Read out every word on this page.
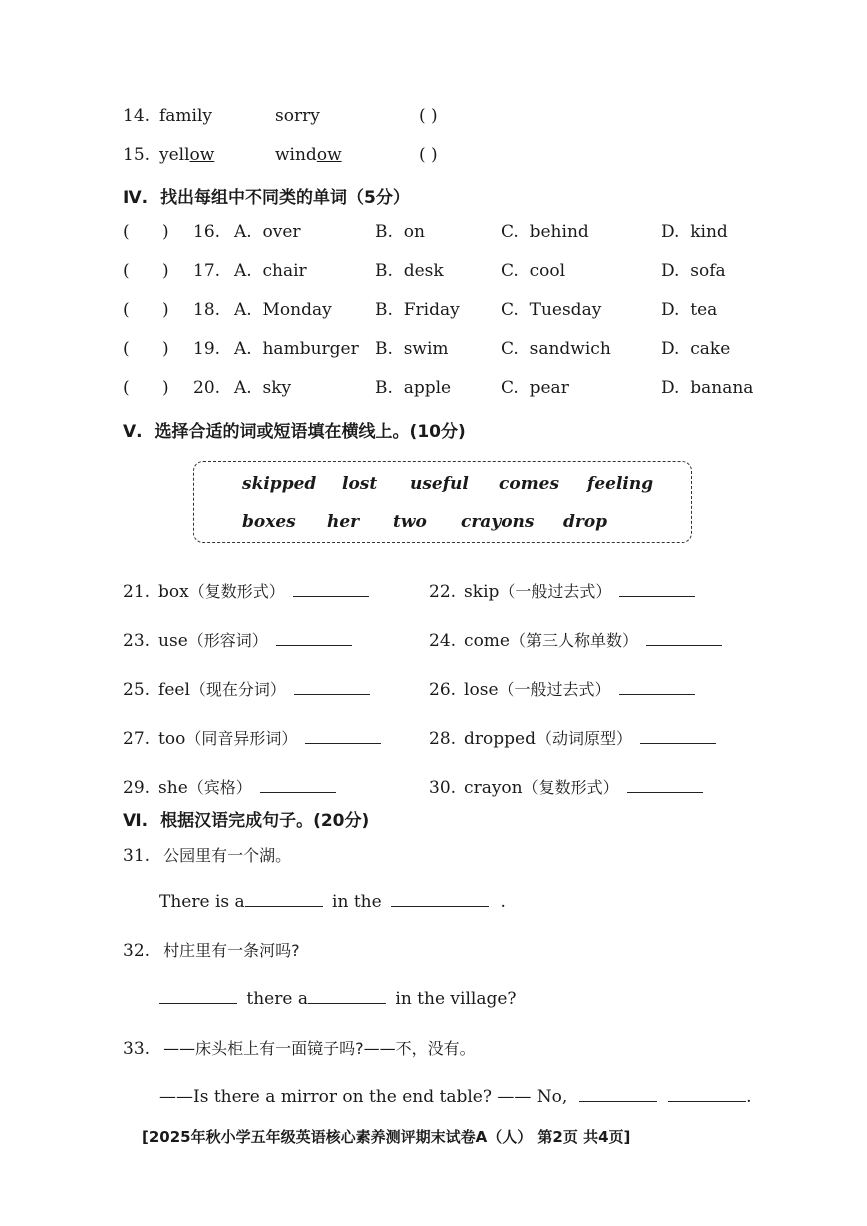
14. family	sorry	( )
15. yellow	window	( )
Ⅳ. 找出每组中不同类的单词（5分）
(      ) 16. A.  over	B.  on	C.  behind	D.  kind
(      ) 17. A.  chair	B.  desk	C.  cool	D.  sofa
(      ) 18. A.  Monday	B.  Friday C.  Tuesday	D.  tea
(      ) 19. A.  hamburger B.  swim	C.  sandwich	D.  cake
(      ) 20. A.  sky	B.  apple	C.  pear	D.  banana
Ⅴ. 选择合适的词或短语填在横线上。(10分)
skipped lost useful comes feeling
boxes her two crayons drop
21. box（复数形式）	22. skip（一般过去式）
23. use（形容词）	24. come（第三人称单数）
25. feel（现在分词）	26. lose（一般过去式）
27. too（同音异形词）	28. dropped（动词原型）
29. she（宾格）	30. crayon（复数形式）
Ⅵ. 根据汉语完成句子。(20分)
31. 公园里有一个湖。
There is a	in the	.
32. 村庄里有一条河吗?
there a	in the village?
33. ——床头柜上有一面镜子吗?——不，没有。
——Is there a mirror on the end table? —— No,	.
[2025年秋小学五年级英语核心素养测评期末试卷A（人） 第2页 共4页]
